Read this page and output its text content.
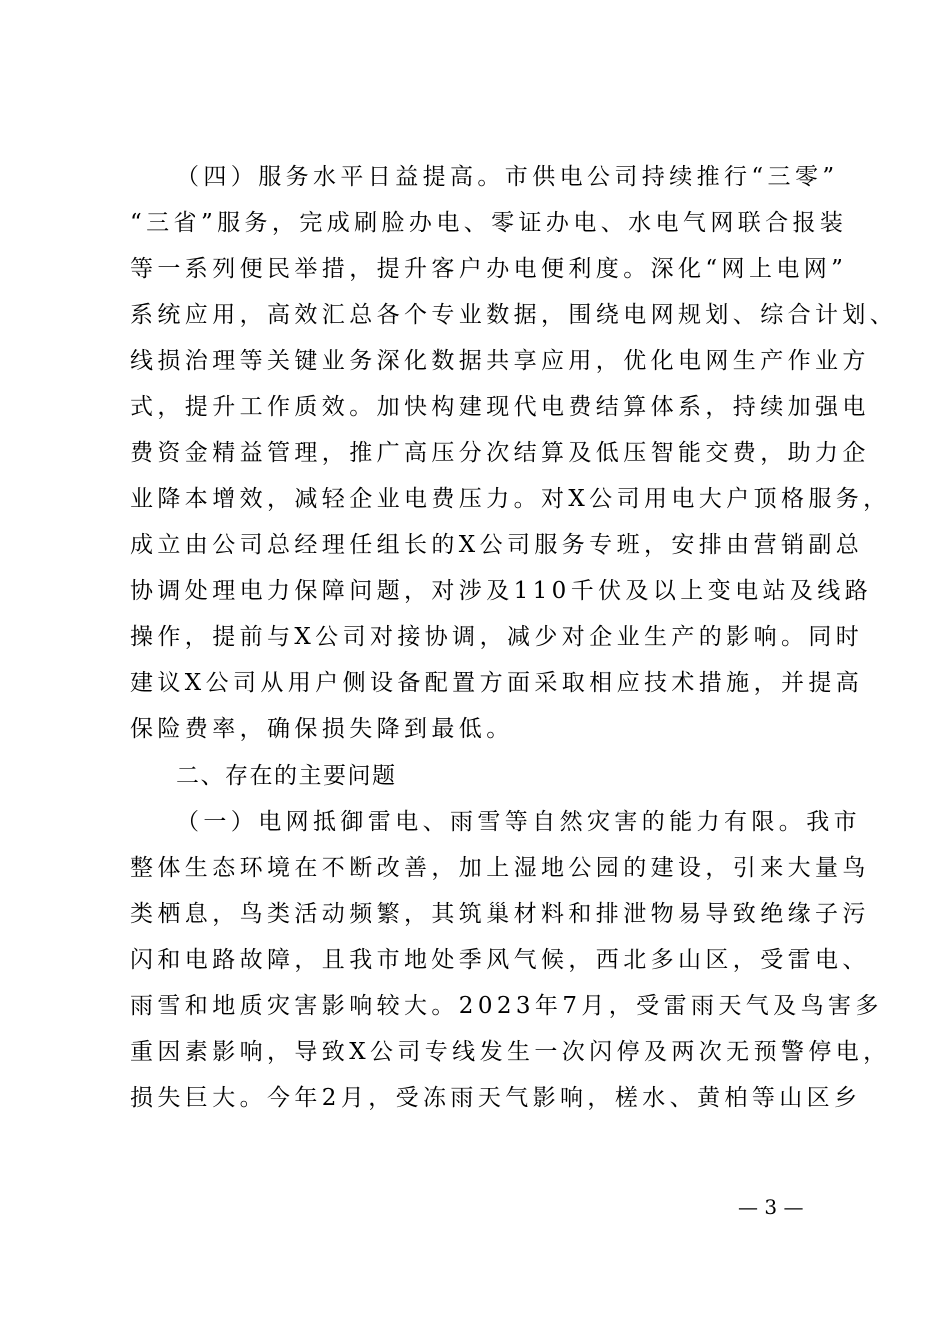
（四）服务水平日益提高。市供电公司持续推行“三零”
“三省”服务，完成刷脸办电、零证办电、水电气网联合报装
等一系列便民举措，提升客户办电便利度。深化“网上电网”
系统应用，高效汇总各个专业数据，围绕电网规划、综合计划、
线损治理等关键业务深化数据共享应用，优化电网生产作业方
式，提升工作质效。加快构建现代电费结算体系，持续加强电
费资金精益管理，推广高压分次结算及低压智能交费，助力企
业降本增效，减轻企业电费压力。对X公司用电大户顶格服务，
成立由公司总经理任组长的X公司服务专班，安排由营销副总
协调处理电力保障问题，对涉及110千伏及以上变电站及线路
操作，提前与X公司对接协调，减少对企业生产的影响。同时
建议X公司从用户侧设备配置方面采取相应技术措施，并提高
保险费率，确保损失降到最低。
二、存在的主要问题
（一）电网抵御雷电、雨雪等自然灾害的能力有限。我市
整体生态环境在不断改善，加上湿地公园的建设，引来大量鸟
类栖息，鸟类活动频繁，其筑巢材料和排泄物易导致绝缘子污
闪和电路故障，且我市地处季风气候，西北多山区，受雷电、
雨雪和地质灾害影响较大。2023年7月，受雷雨天气及鸟害多
重因素影响，导致X公司专线发生一次闪停及两次无预警停电，
损失巨大。今年2月，受冻雨天气影响，槎水、黄柏等山区乡
— 3 —
